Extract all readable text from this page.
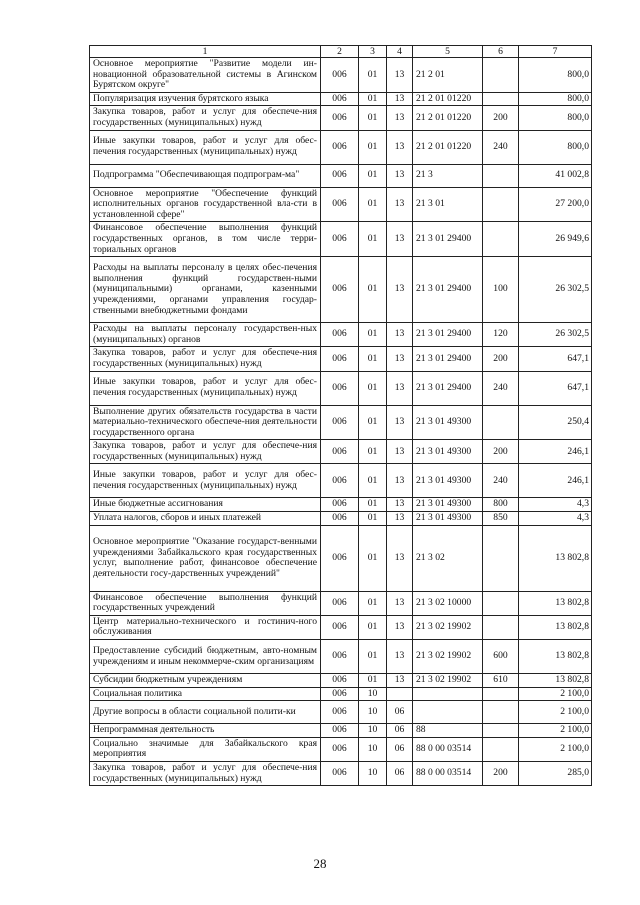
1	2	3	4	5	6	7
Основное мероприятие "Развитие модели ин-новационной образовательной системы в Агинском Бурятском округе"	006	01	13	21 2 01		800,0
Популяризация изучения бурятского языка	006	01	13	21 2 01 01220		800,0
Закупка товаров, работ и услуг для обеспече-ния государственных (муниципальных) нужд	006	01	13	21 2 01 01220	200	800,0
Иные закупки товаров, работ и услуг для обес-печения государственных (муниципальных) нужд	006	01	13	21 2 01 01220	240	800,0
Подпрограмма "Обеспечивающая подпрограм-ма"	006	01	13	21 3		41 002,8
Основное мероприятие "Обеспечение функций исполнительных органов государственной вла-сти в установленной сфере"	006	01	13	21 3 01		27 200,0
Финансовое обеспечение выполнения функций государственных органов, в том числе терри-ториальных органов	006	01	13	21 3 01 29400		26 949,6
Расходы на выплаты персоналу в целях обес-печения выполнения функций государствен-ными (муниципальными) органами, казенными учреждениями, органами управления государ-ственными внебюджетными фондами	006	01	13	21 3 01 29400	100	26 302,5
Расходы на выплаты персоналу государствен-ных (муниципальных) органов	006	01	13	21 3 01 29400	120	26 302,5
Закупка товаров, работ и услуг для обеспече-ния государственных (муниципальных) нужд	006	01	13	21 3 01 29400	200	647,1
Иные закупки товаров, работ и услуг для обес-печения государственных (муниципальных) нужд	006	01	13	21 3 01 29400	240	647,1
Выполнение других обязательств государства в части материально-технического обеспече-ния деятельности государственного органа	006	01	13	21 3 01 49300		250,4
Закупка товаров, работ и услуг для обеспече-ния государственных (муниципальных) нужд	006	01	13	21 3 01 49300	200	246,1
Иные закупки товаров, работ и услуг для обес-печения государственных (муниципальных) нужд	006	01	13	21 3 01 49300	240	246,1
Иные бюджетные ассигнования	006	01	13	21 3 01 49300	800	4,3
Уплата налогов, сборов и иных платежей	006	01	13	21 3 01 49300	850	4,3
Основное мероприятие "Оказание государст-венными учреждениями Забайкальского края государственных услуг, выполнение работ, финансовое обеспечение деятельности госу-дарственных учреждений"	006	01	13	21 3 02		13 802,8
Финансовое обеспечение выполнения функций государственных учреждений	006	01	13	21 3 02 10000		13 802,8
Центр материально-технического и гостинич-ного обслуживания	006	01	13	21 3 02 19902		13 802,8
Предоставление субсидий бюджетным, авто-номным учреждениям и иным некоммерче-ским организациям	006	01	13	21 3 02 19902	600	13 802,8
Субсидии бюджетным учреждениям	006	01	13	21 3 02 19902	610	13 802,8
Социальная политика	006	10				2 100,0
Другие вопросы в области социальной полити-ки	006	10	06			2 100,0
Непрограммная деятельность	006	10	06	88		2 100,0
Социально значимые для Забайкальского края мероприятия	006	10	06	88 0 00 03514		2 100,0
Закупка товаров, работ и услуг для обеспече-ния государственных (муниципальных) нужд	006	10	06	88 0 00 03514	200	285,0
28
